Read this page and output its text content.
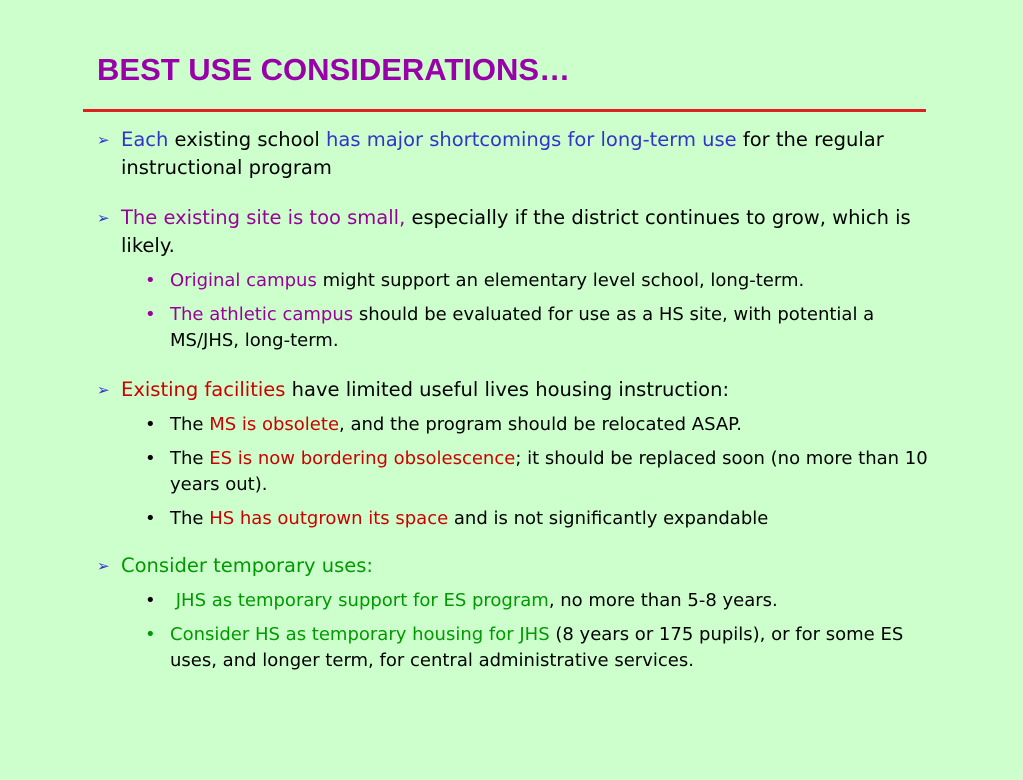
BEST USE CONSIDERATIONS…
➢ Each existing school has major shortcomings for long-term use for the regular instructional program
➢ The existing site is too small, especially if the district continues to grow, which is likely.
• Original campus might support an elementary level school, long-term.
• The athletic campus should be evaluated for use as a HS site, with potential a MS/JHS, long-term.
➢ Existing facilities have limited useful lives housing instruction:
• The MS is obsolete, and the program should be relocated ASAP.
• The ES is now bordering obsolescence; it should be replaced soon (no more than 10 years out).
• The HS has outgrown its space and is not significantly expandable
➢ Consider temporary uses:
• JHS as temporary support for ES program, no more than 5-8 years.
• Consider HS as temporary housing for JHS (8 years or 175 pupils), or for some ES uses, and longer term, for central administrative services.
